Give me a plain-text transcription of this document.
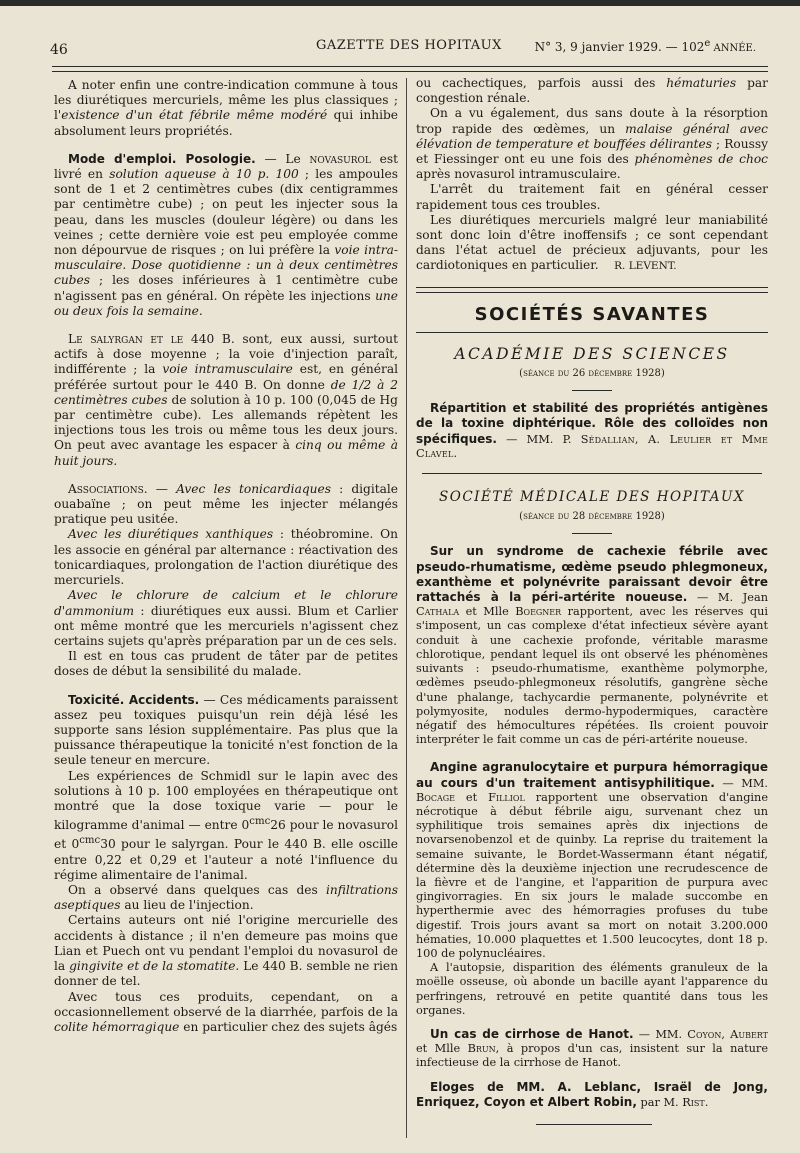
46	GAZETTE DES HOPITAUX	N° 3, 9 janvier 1929. — 102e ANNÉE.

A noter enfin une contre-indication commune à tous les diurétiques mercuriels, même les plus classiques ; l'existence d'un état fébrile même modéré qui inhibe absolument leurs propriétés.

Mode d'emploi. Posologie. — Le novasurol est livré en solution aqueuse à 10 p. 100 ; les ampoules sont de 1 et 2 centimètres cubes (dix centigrammes par centimètre cube) ; on peut les injecter sous la peau, dans les muscles (douleur légère) ou dans les veines ; cette dernière voie est peu employée comme non dépourvue de risques ; on lui préfère la voie intra-musculaire. Dose quotidienne : un à deux centimètres cubes ; les doses inférieures à 1 centimètre cube n'agissent pas en général. On répète les injections une ou deux fois la semaine.

Le salyrgan et le 440 B. sont, eux aussi, surtout actifs à dose moyenne ; la voie d'injection paraît, indifférente ; la voie intramusculaire est, en général préférée surtout pour le 440 B. On donne de 1/2 à 2 centimètres cubes de solution à 10 p. 100 (0,045 de Hg par centimètre cube). Les allemands répètent les injections tous les trois ou même tous les deux jours. On peut avec avantage les espacer à cinq ou même à huit jours.

Associations. — Avec les tonicardiaques : digitale ouabaïne ; on peut même les injecter mélangés pratique peu usitée.

Avec les diurétiques xanthiques : théobromine. On les associe en général par alternance : réactivation des tonicardiaques, prolongation de l'action diurétique des mercuriels.

Avec le chlorure de calcium et le chlorure d'ammonium : diurétiques eux aussi. Blum et Carlier ont même montré que les mercuriels n'agissent chez certains sujets qu'après préparation par un de ces sels.

Il est en tous cas prudent de tâter par de petites doses de début la sensibilité du malade.

Toxicité. Accidents. — Ces médicaments paraissent assez peu toxiques puisqu'un rein déjà lésé les supporte sans lésion supplémentaire. Pas plus que la puissance thérapeutique la tonicité n'est fonction de la seule teneur en mercure.

Les expériences de Schmidl sur le lapin avec des solutions à 10 p. 100 employées en thérapeutique ont montré que la dose toxique varie — pour le kilogramme d'animal — entre $0^{cmc}26$ pour le novasurol et $0^{cmc}30$ pour le salyrgan. Pour le 440 B. elle oscille entre 0,22 et 0,29 et l'auteur a noté l'influence du régime alimentaire de l'animal.

On a observé dans quelques cas des infiltrations aseptiques au lieu de l'injection.

Certains auteurs ont nié l'origine mercurielle des accidents à distance ; il n'en demeure pas moins que Lian et Puech ont vu pendant l'emploi du novasurol de la gingivite et de la stomatite. Le 440 B. semble ne rien donner de tel.

Avec tous ces produits, cependant, on a occasionnellement observé de la diarrhée, parfois de la colite hémorragique en particulier chez des sujets âgés

ou cachectiques, parfois aussi des hématuries par congestion rénale.

On a vu également, dus sans doute à la résorption trop rapide des œdèmes, un malaise général avec élévation de temperature et bouffées délirantes ; Roussy et Fiessinger ont eu une fois des phénomènes de choc après novasurol intramusculaire.

L'arrêt du traitement fait en général cesser rapidement tous ces troubles.

Les diurétiques mercuriels malgré leur maniabilité sont donc loin d'être inoffensifs ; ce sont cependant dans l'état actuel de précieux adjuvants, pour les cardiotoniques en particulier. R. LEVENT.

SOCIÉTÉS SAVANTES
ACADÉMIE DES SCIENCES
(séance du 26 décembre 1928)

Répartition et stabilité des propriétés antigènes de la toxine diphtérique. Rôle des colloïdes non spécifiques. — MM. P. Sédallian, A. Leulier et Mme Clavel.

SOCIÉTÉ MÉDICALE DES HOPITAUX
(séance du 28 décembre 1928)

Sur un syndrome de cachexie fébrile avec pseudo-rhumatisme, œdème pseudo phlegmoneux, exanthème et polynévrite paraissant devoir être rattachés à la péri-artérite noueuse. — M. Jean Cathala et Mlle Boegner rapportent, avec les réserves qui s'imposent, un cas complexe d'état infectieux sévère ayant conduit à une cachexie profonde, véritable marasme chlorotique, pendant lequel ils ont observé les phénomènes suivants : pseudo-rhumatisme, exanthème polymorphe, œdèmes pseudo-phlegmoneux résolutifs, gangrène sèche d'une phalange, tachycardie permanente, polynévrite et polymyosite, nodules dermo-hypodermiques, caractère négatif des hémocultures répétées. Ils croient pouvoir interpréter le fait comme un cas de péri-artérite noueuse.

Angine agranulocytaire et purpura hémorragique au cours d'un traitement antisyphilitique. — MM. Bocage et Filliol rapportent une observation d'angine nécrotique à début fébrile aigu, survenant chez un syphilitique trois semaines après dix injections de novarsenobenzol et de quinby. La reprise du traitement la semaine suivante, le Bordet-Wassermann étant négatif, détermine dès la deuxième injection une recrudescence de la fièvre et de l'angine, et l'apparition de purpura avec gingivorragies. En six jours le malade succombe en hyperthermie avec des hémorragies profuses du tube digestif. Trois jours avant sa mort on notait 3.200.000 hématies, 10.000 plaquettes et 1.500 leucocytes, dont 18 p. 100 de polynucléaires.

A l'autopsie, disparition des éléments granuleux de la moëlle osseuse, où abonde un bacille ayant l'apparence du perfringens, retrouvé en petite quantité dans tous les organes.

Un cas de cirrhose de Hanot. — MM. Coyon, Aubert et Mlle Brun, à propos d'un cas, insistent sur la nature infectieuse de la cirrhose de Hanot.

Eloges de MM. A. Leblanc, Israël de Jong, Enriquez, Coyon et Albert Robin, par M. Rist.
